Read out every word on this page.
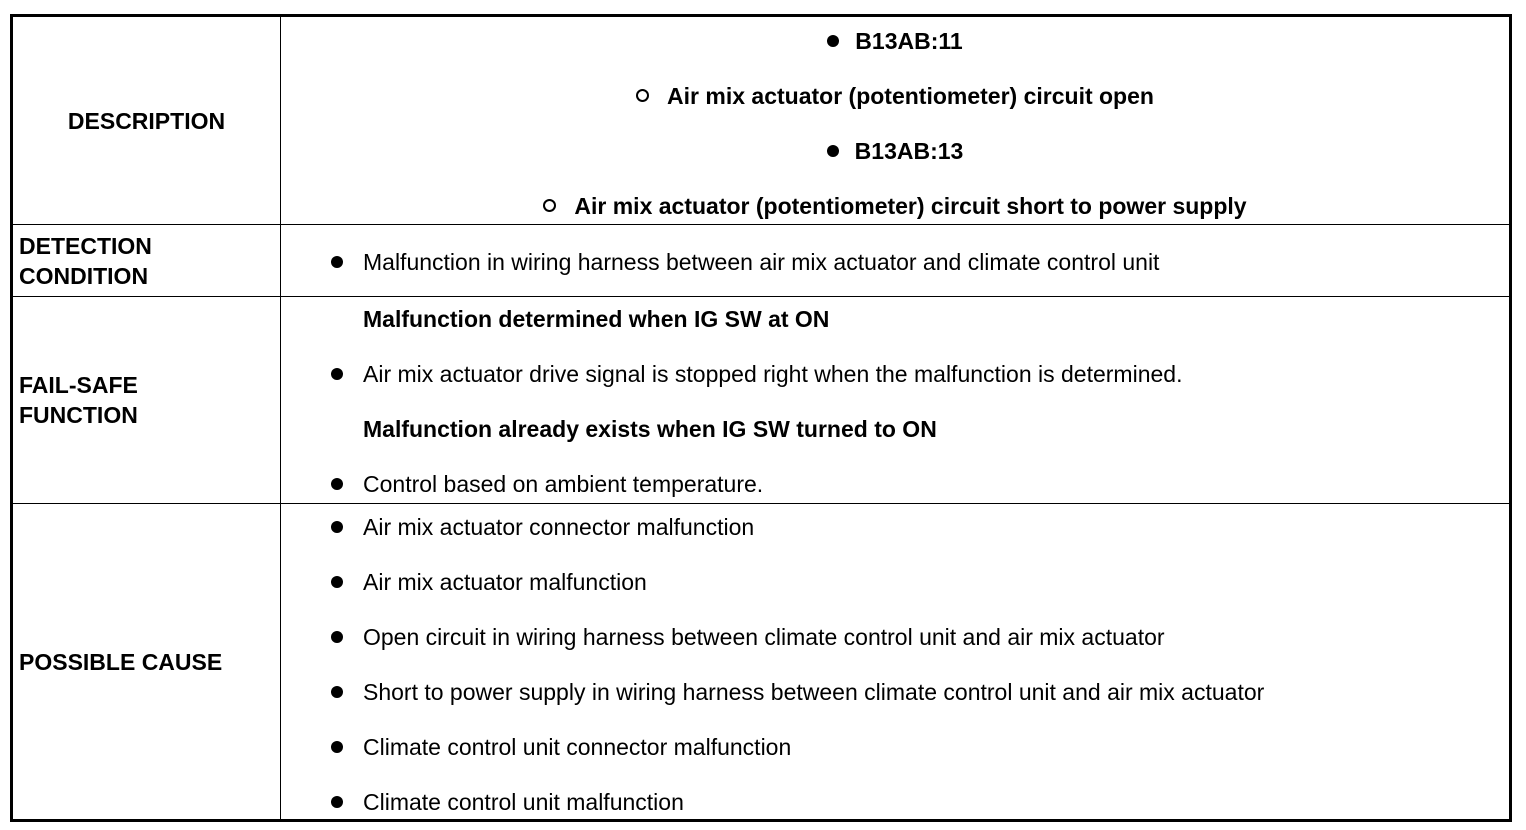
DESCRIPTION
B13AB:11
Air mix actuator (potentiometer) circuit open
B13AB:13
Air mix actuator (potentiometer) circuit short to power supply
DETECTION
CONDITION
Malfunction in wiring harness between air mix actuator and climate control unit
FAIL-SAFE
FUNCTION
Malfunction determined when IG SW at ON
Air mix actuator drive signal is stopped right when the malfunction is determined.
Malfunction already exists when IG SW turned to ON
Control based on ambient temperature.
POSSIBLE CAUSE
Air mix actuator connector malfunction
Air mix actuator malfunction
Open circuit in wiring harness between climate control unit and air mix actuator
Short to power supply in wiring harness between climate control unit and air mix actuator
Climate control unit connector malfunction
Climate control unit malfunction
